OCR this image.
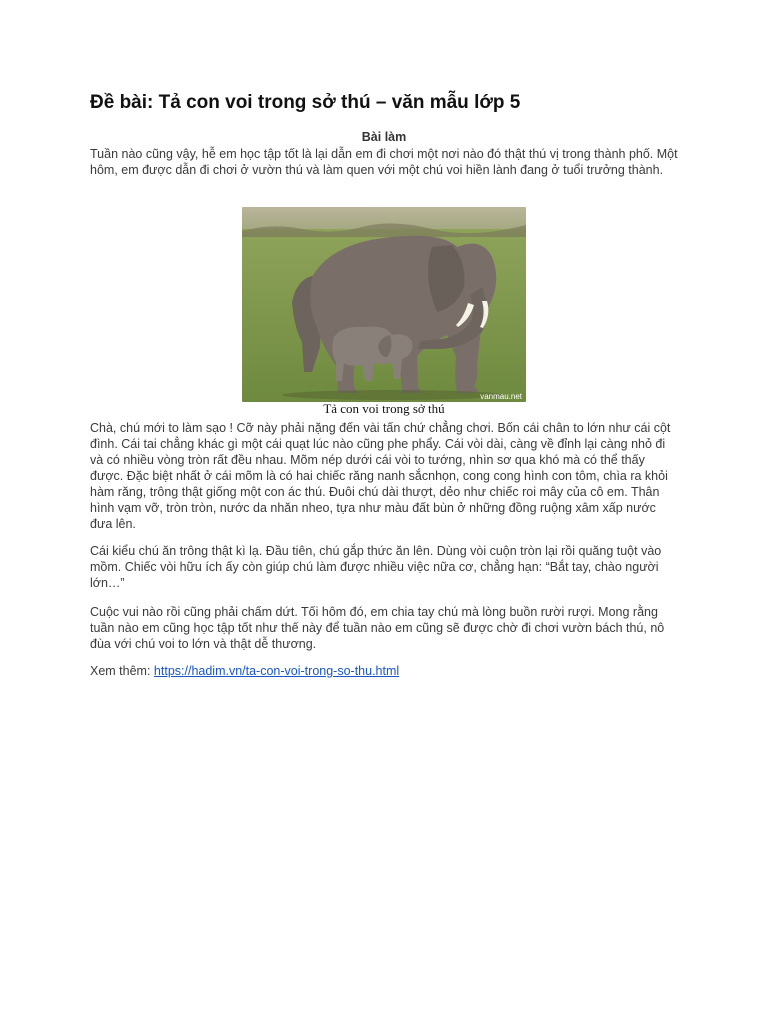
Đề bài: Tả con voi trong sở thú – văn mẫu lớp 5
Bài làm

Tuần nào cũng vậy, hễ em học tập tốt là lại dẫn em đi chơi một nơi nào đó thật thú vị trong thành phố. Một hôm, em được dẫn đi chơi ở vườn thú và làm quen với một chú voi hiền lành đang ở tuổi trưởng thành.

vanmau.net
Tả con voi trong sở thú

Chà, chú mới to làm sạo ! Cỡ này phải nặng đến vài tấn chứ chẳng chơi. Bốn cái chân to lớn như cái cột đình. Cái tai chẳng khác gì một cái quạt lúc nào cũng phe phẩy. Cái vòi dài, càng về đỉnh lại càng nhỏ đi và có nhiều vòng tròn rất đều nhau. Mõm nép dưới cái vòi to tướng, nhìn sơ qua khó mà có thể thấy được. Đặc biệt nhất ở cái mõm là có hai chiếc răng nanh sắcnhọn, cong cong hình con tôm, chìa ra khỏi hàm răng, trông thật giống một con ác thú. Đuôi chú dài thượt, dẻo như chiếc roi mây của cô em. Thân hình vạm vỡ, tròn tròn, nước da nhăn nheo, tựa như màu đất bùn ở những đồng ruộng xâm xấp nước đưa lên.

Cái kiểu chú ăn trông thật kì lạ. Đầu tiên, chú gắp thức ăn lên. Dùng vòi cuộn tròn lại rồi quăng tuột vào mồm. Chiếc vòi hữu ích ấy còn giúp chú làm được nhiều việc nữa cơ, chẳng hạn: “Bắt tay, chào người lớn…”

Cuộc vui nào rồi cũng phải chấm dứt. Tối hôm đó, em chia tay chú mà lòng buồn rười rượi. Mong rằng tuần nào em cũng học tập tốt như thế này để tuần nào em cũng sẽ được chờ đi chơi vườn bách thú, nô đùa với chú voi to lớn và thật dễ thương.

Xem thêm: https://hadim.vn/ta-con-voi-trong-so-thu.html
